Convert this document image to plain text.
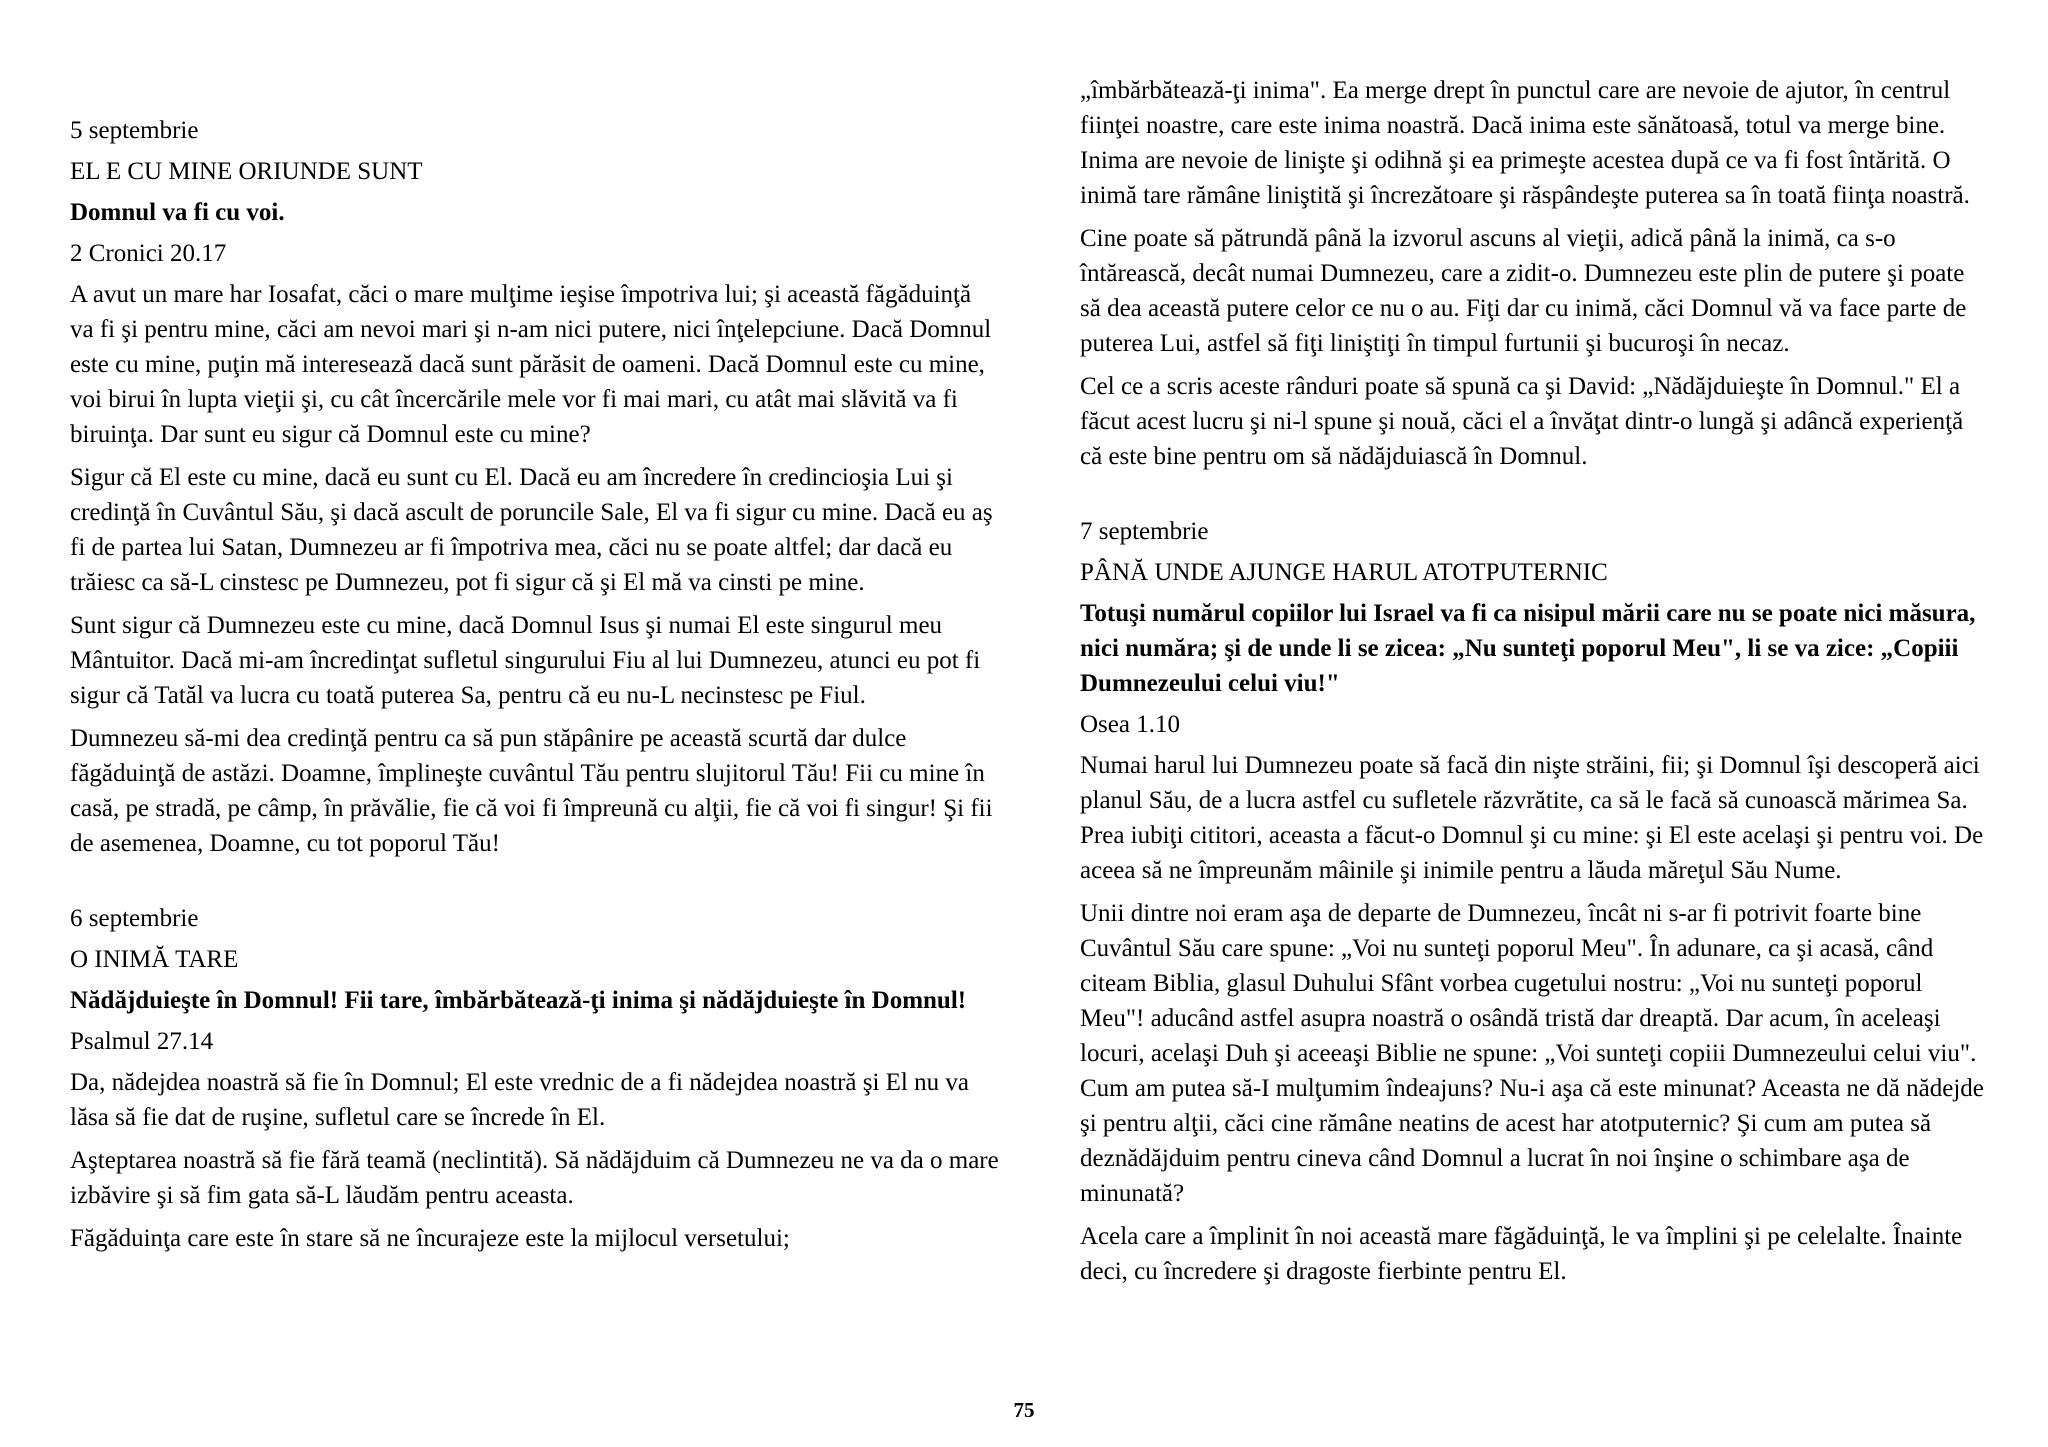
5 septembrie

EL E CU MINE ORIUNDE SUNT

Domnul va fi cu voi.

2 Cronici 20.17

A avut un mare har Iosafat, căci o mare mulţime ieşise împotriva lui; şi această făgăduinţă va fi şi pentru mine, căci am nevoi mari şi n-am nici putere, nici înţelepciune. Dacă Domnul este cu mine, puţin mă interesează dacă sunt părăsit de oameni. Dacă Domnul este cu mine, voi birui în lupta vieţii şi, cu cât încercările mele vor fi mai mari, cu atât mai slăvită va fi biruinţa. Dar sunt eu sigur că Domnul este cu mine?

Sigur că El este cu mine, dacă eu sunt cu El. Dacă eu am încredere în credincioşia Lui şi credinţă în Cuvântul Său, şi dacă ascult de poruncile Sale, El va fi sigur cu mine. Dacă eu aş fi de partea lui Satan, Dumnezeu ar fi împotriva mea, căci nu se poate altfel; dar dacă eu trăiesc ca să-L cinstesc pe Dumnezeu, pot fi sigur că şi El mă va cinsti pe mine.

Sunt sigur că Dumnezeu este cu mine, dacă Domnul Isus şi numai El este singurul meu Mântuitor. Dacă mi-am încredinţat sufletul singurului Fiu al lui Dumnezeu, atunci eu pot fi sigur că Tatăl va lucra cu toată puterea Sa, pentru că eu nu-L necinstesc pe Fiul.

Dumnezeu să-mi dea credinţă pentru ca să pun stăpânire pe această scurtă dar dulce făgăduinţă de astăzi. Doamne, împlineşte cuvântul Tău pentru slujitorul Tău! Fii cu mine în casă, pe stradă, pe câmp, în prăvălie, fie că voi fi împreună cu alţii, fie că voi fi singur! Şi fii de asemenea, Doamne, cu tot poporul Tău!

6 septembrie

O INIMĂ TARE

Nădăjduieşte în Domnul! Fii tare, îmbărbătează-ţi inima şi nădăjduieşte în Domnul!

Psalmul 27.14

Da, nădejdea noastră să fie în Domnul; El este vrednic de a fi nădejdea noastră şi El nu va lăsa să fie dat de ruşine, sufletul care se încrede în El.

Aşteptarea noastră să fie fără teamă (neclintită). Să nădăjduim că Dumnezeu ne va da o mare izbăvire şi să fim gata să-L lăudăm pentru aceasta.

Făgăduinţa care este în stare să ne încurajeze este la mijlocul versetului;

„îmbărbătează-ţi inima". Ea merge drept în punctul care are nevoie de ajutor, în centrul fiinţei noastre, care este inima noastră. Dacă inima este sănătoasă, totul va merge bine. Inima are nevoie de linişte şi odihnă şi ea primeşte acestea după ce va fi fost întărită. O inimă tare rămâne liniştită şi încrezătoare şi răspândeşte puterea sa în toată fiinţa noastră.

Cine poate să pătrundă până la izvorul ascuns al vieţii, adică până la inimă, ca s-o întărească, decât numai Dumnezeu, care a zidit-o. Dumnezeu este plin de putere şi poate să dea această putere celor ce nu o au. Fiţi dar cu inimă, căci Domnul vă va face parte de puterea Lui, astfel să fiţi liniştiţi în timpul furtunii şi bucuroşi în necaz.

Cel ce a scris aceste rânduri poate să spună ca şi David: „Nădăjduieşte în Domnul." El a făcut acest lucru şi ni-l spune şi nouă, căci el a învăţat dintr-o lungă şi adâncă experienţă că este bine pentru om să nădăjduiască în Domnul.

7 septembrie

PÂNĂ UNDE AJUNGE HARUL ATOTPUTERNIC

Totuşi numărul copiilor lui Israel va fi ca nisipul mării care nu se poate nici măsura, nici număra; şi de unde li se zicea: „Nu sunteţi poporul Meu", li se va zice: „Copiii Dumnezeului celui viu!"

Osea 1.10

Numai harul lui Dumnezeu poate să facă din nişte străini, fii; şi Domnul îşi descoperă aici planul Său, de a lucra astfel cu sufletele răzvrătite, ca să le facă să cunoască mărimea Sa. Prea iubiţi cititori, aceasta a făcut-o Domnul şi cu mine: şi El este acelaşi şi pentru voi. De aceea să ne împreunăm mâinile şi inimile pentru a lăuda măreţul Său Nume.

Unii dintre noi eram aşa de departe de Dumnezeu, încât ni s-ar fi potrivit foarte bine Cuvântul Său care spune: „Voi nu sunteţi poporul Meu". În adunare, ca şi acasă, când citeam Biblia, glasul Duhului Sfânt vorbea cugetului nostru: „Voi nu sunteţi poporul Meu"! aducând astfel asupra noastră o osândă tristă dar dreaptă. Dar acum, în aceleaşi locuri, acelaşi Duh şi aceeaşi Biblie ne spune: „Voi sunteţi copiii Dumnezeului celui viu". Cum am putea să-I mulţumim îndeajuns? Nu-i aşa că este minunat? Aceasta ne dă nădejde şi pentru alţii, căci cine rămâne neatins de acest har atotputernic? Şi cum am putea să deznădăjduim pentru cineva când Domnul a lucrat în noi înşine o schimbare aşa de minunată?

Acela care a împlinit în noi această mare făgăduinţă, le va împlini şi pe celelalte. Înainte deci, cu încredere şi dragoste fierbinte pentru El.

75
